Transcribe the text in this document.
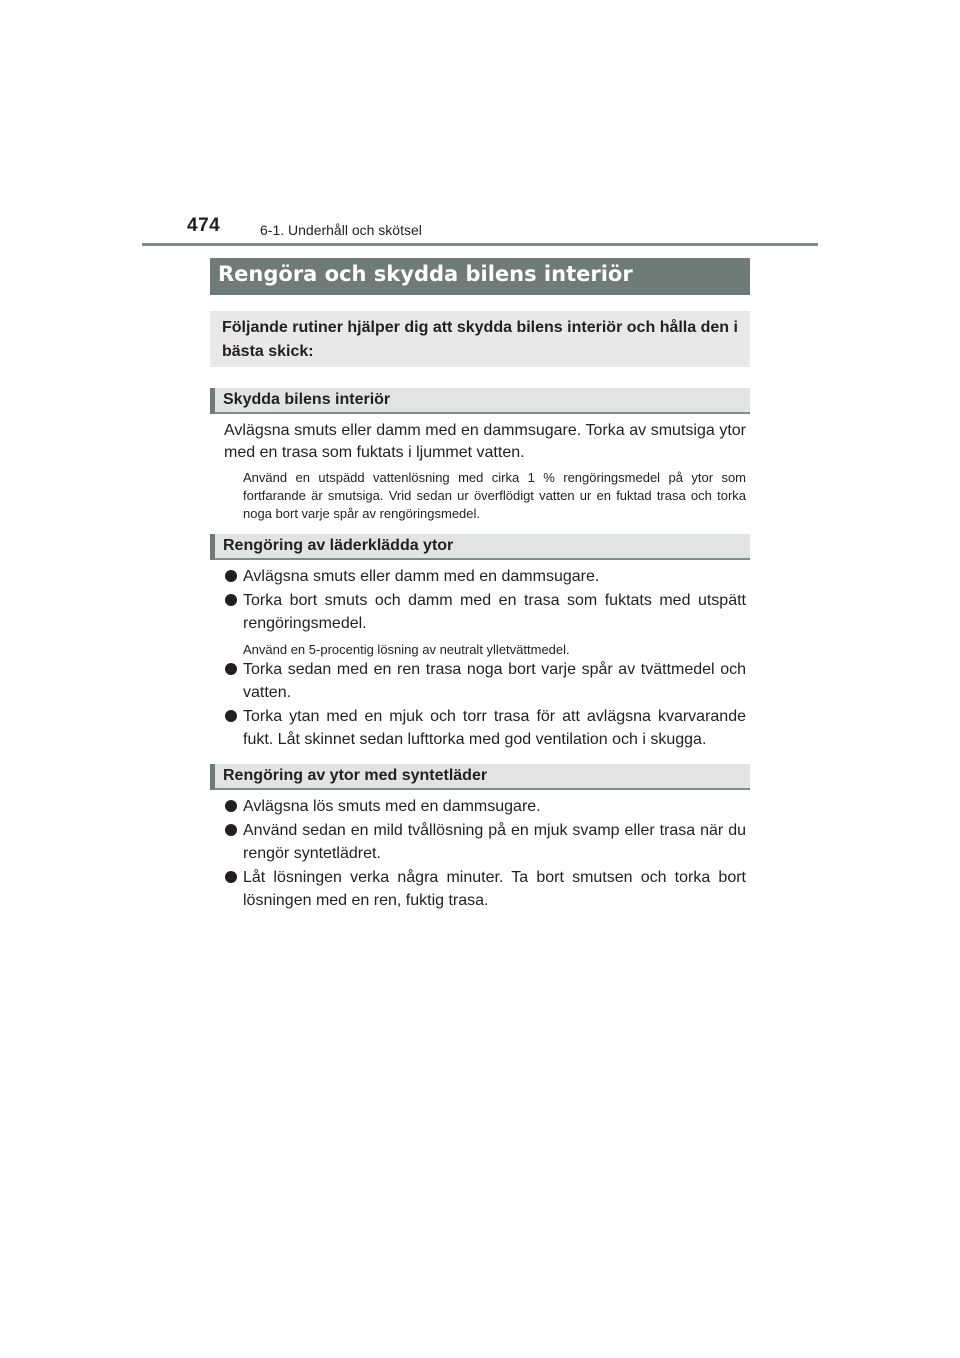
474	6-1. Underhåll och skötsel
Rengöra och skydda bilens interiör
Följande rutiner hjälper dig att skydda bilens interiör och hålla den i bästa skick:
Skydda bilens interiör
Avlägsna smuts eller damm med en dammsugare. Torka av smutsiga ytor med en trasa som fuktats i ljummet vatten.
Använd en utspädd vattenlösning med cirka 1 % rengöringsmedel på ytor som fortfarande är smutsiga. Vrid sedan ur överflödigt vatten ur en fuktad trasa och torka noga bort varje spår av rengöringsmedel.
Rengöring av läderklädda ytor
Avlägsna smuts eller damm med en dammsugare.
Torka bort smuts och damm med en trasa som fuktats med utspätt rengöringsmedel.
Använd en 5-procentig lösning av neutralt ylletvättmedel.
Torka sedan med en ren trasa noga bort varje spår av tvättmedel och vatten.
Torka ytan med en mjuk och torr trasa för att avlägsna kvarvarande fukt. Låt skinnet sedan lufttorka med god ventilation och i skugga.
Rengöring av ytor med syntetläder
Avlägsna lös smuts med en dammsugare.
Använd sedan en mild tvållösning på en mjuk svamp eller trasa när du rengör syntetlädret.
Låt lösningen verka några minuter. Ta bort smutsen och torka bort lösningen med en ren, fuktig trasa.
